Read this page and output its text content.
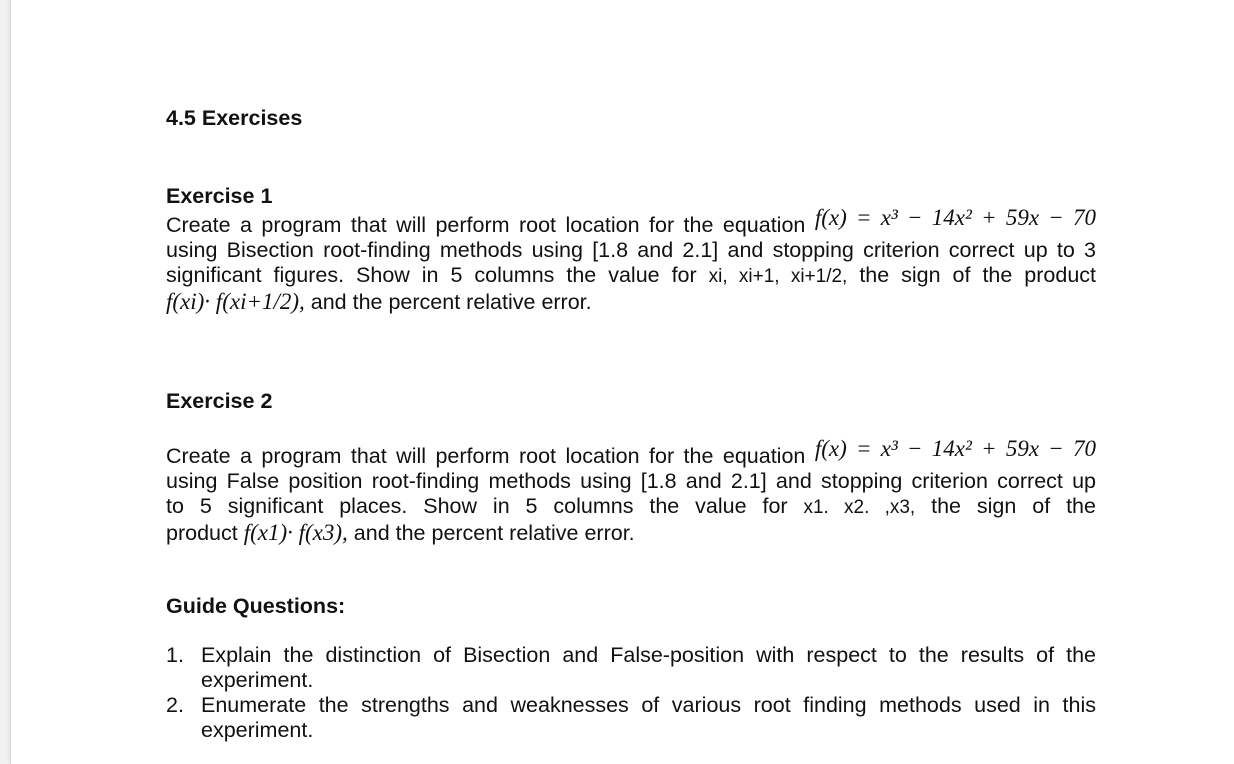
4.5 Exercises
Exercise 1
Create a program that will perform root location for the equation f(x) = x³ − 14x² + 59x − 70
using Bisection root-finding methods using [1.8 and 2.1] and stopping criterion correct up to 3
significant figures. Show in 5 columns the value for xi, xi+1, xi+1/2, the sign of the product
f(xi)· f(xi+1/2), and the percent relative error.
Exercise 2
Create a program that will perform root location for the equation f(x) = x³ − 14x² + 59x − 70
using False position root-finding methods using [1.8 and 2.1] and stopping criterion correct up
to 5 significant places. Show in 5 columns the value for x1. x2. ,x3, the sign of the
product f(x1)· f(x3), and the percent relative error.
Guide Questions:
1. Explain the distinction of Bisection and False-position with respect to the results of the
experiment.
2. Enumerate the strengths and weaknesses of various root finding methods used in this
experiment.
